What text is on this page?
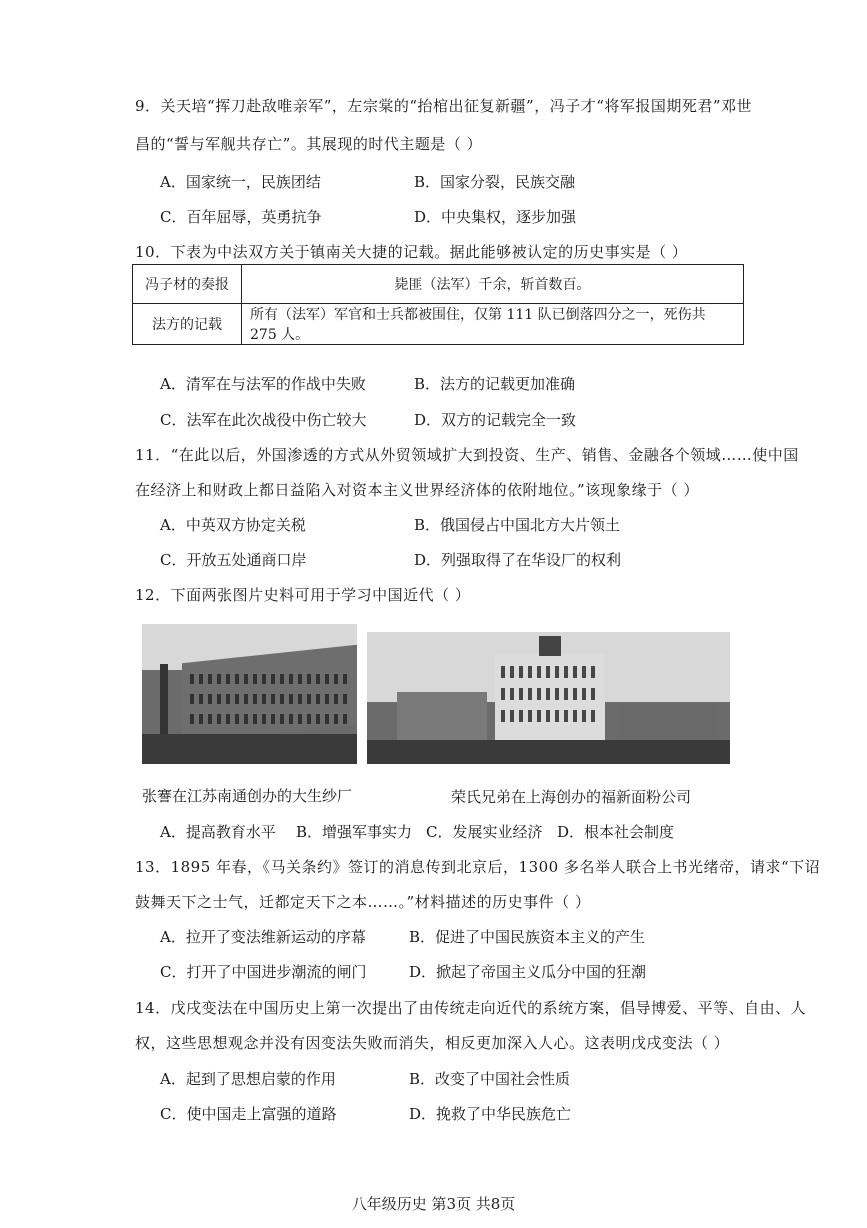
9．关天培“挥刀赴敌唯亲军”，左宗棠的“抬棺出征复新疆”，冯子才“将军报国期死君”邓世
昌的“誓与军舰共存亡”。其展现的时代主题是（ ）
A．国家统一，民族团结	B．国家分裂，民族交融
C．百年屈辱，英勇抗争	D．中央集权，逐步加强
10．下表为中法双方关于镇南关大捷的记载。据此能够被认定的历史事实是（ ）
冯子材的奏报	毙匪（法军）千余，斩首数百。
法方的记载	所有（法军）军官和士兵都被围住，仅第 111 队已倒落四分之一，死伤共 275 人。
A．清军在与法军的作战中失败	B．法方的记载更加准确
C．法军在此次战役中伤亡较大	D．双方的记载完全一致
11．“在此以后，外国渗透的方式从外贸领域扩大到投资、生产、销售、金融各个领域……使中国
在经济上和财政上都日益陷入对资本主义世界经济体的依附地位。”该现象缘于（ ）
A．中英双方协定关税	B．俄国侵占中国北方大片领土
C．开放五处通商口岸	D．列强取得了在华设厂的权利
12．下面两张图片史料可用于学习中国近代（ ）
张謇在江苏南通创办的大生纱厂	荣氏兄弟在上海创办的福新面粉公司
A．提高教育水平 B．增强军事实力 C．发展实业经济 D．根本社会制度
13．1895 年春，《马关条约》签订的消息传到北京后，1300 多名举人联合上书光绪帝，请求“下诏
鼓舞天下之士气，迁都定天下之本……。”材料描述的历史事件（ ）
A．拉开了变法维新运动的序幕	B．促进了中国民族资本主义的产生
C．打开了中国进步潮流的闸门	D．掀起了帝国主义瓜分中国的狂潮
14．戊戌变法在中国历史上第一次提出了由传统走向近代的系统方案，倡导博爱、平等、自由、人
权，这些思想观念并没有因变法失败而消失，相反更加深入人心。这表明戊戌变法（ ）
A．起到了思想启蒙的作用	B．改变了中国社会性质
C．使中国走上富强的道路	D．挽救了中华民族危亡
八年级历史 第3页 共8页
